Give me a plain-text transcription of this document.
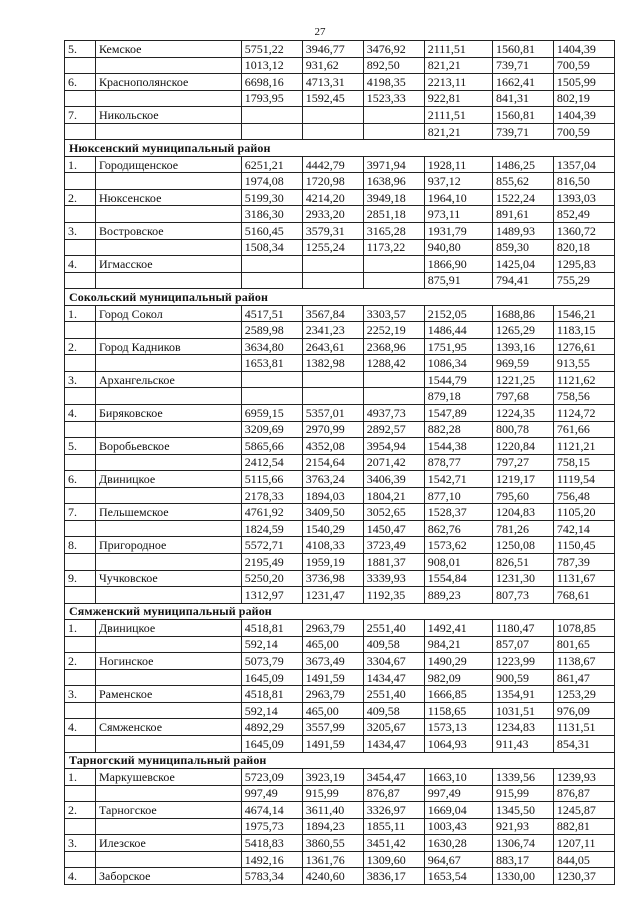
27
5.	Кемское	5751,22	3946,77	3476,92	2111,51	1560,81	1404,39
		1013,12	931,62	892,50	821,21	739,71	700,59
6.	Краснополянское	6698,16	4713,31	4198,35	2213,11	1662,41	1505,99
		1793,95	1592,45	1523,33	922,81	841,31	802,19
7.	Никольское				2111,51	1560,81	1404,39
					821,21	739,71	700,59
Нюксенский муниципальный район							
1.	Городищенское	6251,21	4442,79	3971,94	1928,11	1486,25	1357,04
		1974,08	1720,98	1638,96	937,12	855,62	816,50
2.	Нюксенское	5199,30	4214,20	3949,18	1964,10	1522,24	1393,03
		3186,30	2933,20	2851,18	973,11	891,61	852,49
3.	Востровское	5160,45	3579,31	3165,28	1931,79	1489,93	1360,72
		1508,34	1255,24	1173,22	940,80	859,30	820,18
4.	Игмасское				1866,90	1425,04	1295,83
					875,91	794,41	755,29
Сокольский муниципальный район							
1.	Город Сокол	4517,51	3567,84	3303,57	2152,05	1688,86	1546,21
		2589,98	2341,23	2252,19	1486,44	1265,29	1183,15
2.	Город Кадников	3634,80	2643,61	2368,96	1751,95	1393,16	1276,61
		1653,81	1382,98	1288,42	1086,34	969,59	913,55
3.	Архангельское				1544,79	1221,25	1121,62
					879,18	797,68	758,56
4.	Биряковское	6959,15	5357,01	4937,73	1547,89	1224,35	1124,72
		3209,69	2970,99	2892,57	882,28	800,78	761,66
5.	Воробьевское	5865,66	4352,08	3954,94	1544,38	1220,84	1121,21
		2412,54	2154,64	2071,42	878,77	797,27	758,15
6.	Двиницкое	5115,66	3763,24	3406,39	1542,71	1219,17	1119,54
		2178,33	1894,03	1804,21	877,10	795,60	756,48
7.	Пельшемское	4761,92	3409,50	3052,65	1528,37	1204,83	1105,20
		1824,59	1540,29	1450,47	862,76	781,26	742,14
8.	Пригородное	5572,71	4108,33	3723,49	1573,62	1250,08	1150,45
		2195,49	1959,19	1881,37	908,01	826,51	787,39
9.	Чучковское	5250,20	3736,98	3339,93	1554,84	1231,30	1131,67
		1312,97	1231,47	1192,35	889,23	807,73	768,61
Сямженский муниципальный район							
1.	Двиницкое	4518,81	2963,79	2551,40	1492,41	1180,47	1078,85
		592,14	465,00	409,58	984,21	857,07	801,65
2.	Ногинское	5073,79	3673,49	3304,67	1490,29	1223,99	1138,67
		1645,09	1491,59	1434,47	982,09	900,59	861,47
3.	Раменское	4518,81	2963,79	2551,40	1666,85	1354,91	1253,29
		592,14	465,00	409,58	1158,65	1031,51	976,09
4.	Сямженское	4892,29	3557,99	3205,67	1573,13	1234,83	1131,51
		1645,09	1491,59	1434,47	1064,93	911,43	854,31
Тарногский муниципальный район							
1.	Маркушевское	5723,09	3923,19	3454,47	1663,10	1339,56	1239,93
		997,49	915,99	876,87	997,49	915,99	876,87
2.	Тарногское	4674,14	3611,40	3326,97	1669,04	1345,50	1245,87
		1975,73	1894,23	1855,11	1003,43	921,93	882,81
3.	Илезское	5418,83	3860,55	3451,42	1630,28	1306,74	1207,11
		1492,16	1361,76	1309,60	964,67	883,17	844,05
4.	Заборское	5783,34	4240,60	3836,17	1653,54	1330,00	1230,37
